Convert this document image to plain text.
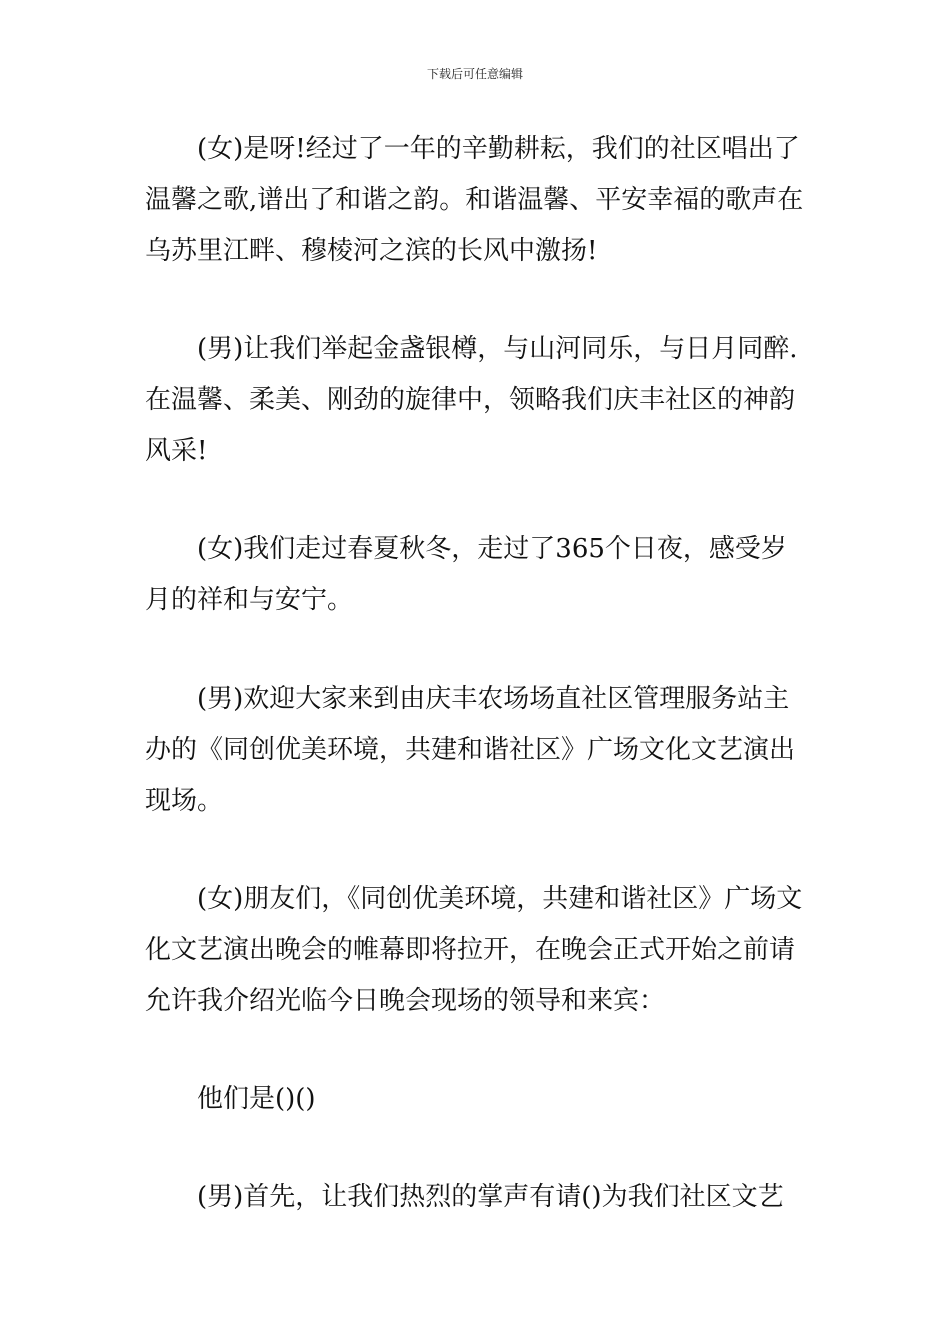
下载后可任意编辑

(女)是呀!经过了一年的辛勤耕耘，我们的社区唱出了温馨之歌,谱出了和谐之韵。和谐温馨、平安幸福的歌声在乌苏里江畔、穆棱河之滨的长风中激扬!

(男)让我们举起金盏银樽，与山河同乐，与日月同醉.在温馨、柔美、刚劲的旋律中，领略我们庆丰社区的神韵风采!

(女)我们走过春夏秋冬，走过了365个日夜，感受岁月的祥和与安宁。

(男)欢迎大家来到由庆丰农场场直社区管理服务站主办的《同创优美环境，共建和谐社区》广场文化文艺演出现场。

(女)朋友们，《同创优美环境，共建和谐社区》广场文化文艺演出晚会的帷幕即将拉开，在晚会正式开始之前请允许我介绍光临今日晚会现场的领导和来宾：

他们是()()

(男)首先，让我们热烈的掌声有请()为我们社区文艺
